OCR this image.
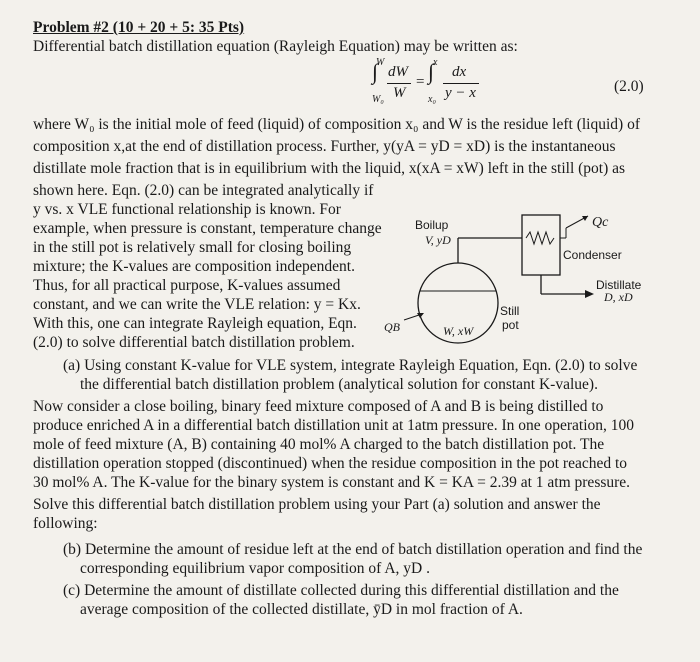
Problem #2 (10 + 20 + 5: 35 Pts)
Differential batch distillation equation (Rayleigh Equation) may be written as:
∫
W
W₀
dW
W
= ∫
x
x₀
dx
y − x	(2.0)
where W₀ is the initial mole of feed (liquid) of composition x₀ and W is the residue left (liquid) of
composition x,at the end of distillation process. Further, y(yA = yD = xD) is the instantaneous
distillate mole fraction that is in equilibrium with the liquid, x(xA = xW) left in the still (pot) as
shown here. Eqn. (2.0) can be integrated analytically if
y vs. x VLE functional relationship is known. For
example, when pressure is constant, temperature change
in the still pot is relatively small for closing boiling
mixture; the K-values are composition independent.
Thus, for all practical purpose, K-values assumed
constant, and we can write the VLE relation: y = Kx.
With this, one can integrate Rayleigh equation, Eqn.
(2.0) to solve differential batch distillation problem.
Boilup
V, yD
Qc
Condenser
Distillate
D, xD
Still
pot
QB	W, xW
(a) Using constant K-value for VLE system, integrate Rayleigh Equation, Eqn. (2.0) to solve
the differential batch distillation problem (analytical solution for constant K-value).
Now consider a close boiling, binary feed mixture composed of A and B is being distilled to
produce enriched A in a differential batch distillation unit at 1atm pressure. In one operation, 100
mole of feed mixture (A, B) containing 40 mol% A charged to the batch distillation pot. The
distillation operation stopped (discontinued) when the residue composition in the pot reached to
30 mol% A. The K-value for the binary system is constant and K = KA = 2.39 at 1 atm pressure.
Solve this differential batch distillation problem using your Part (a) solution and answer the
following:
(b) Determine the amount of residue left at the end of batch distillation operation and find the
corresponding equilibrium vapor composition of A, yD .
(c) Determine the amount of distillate collected during this differential distillation and the
average composition of the collected distillate, ȳD in mol fraction of A.
